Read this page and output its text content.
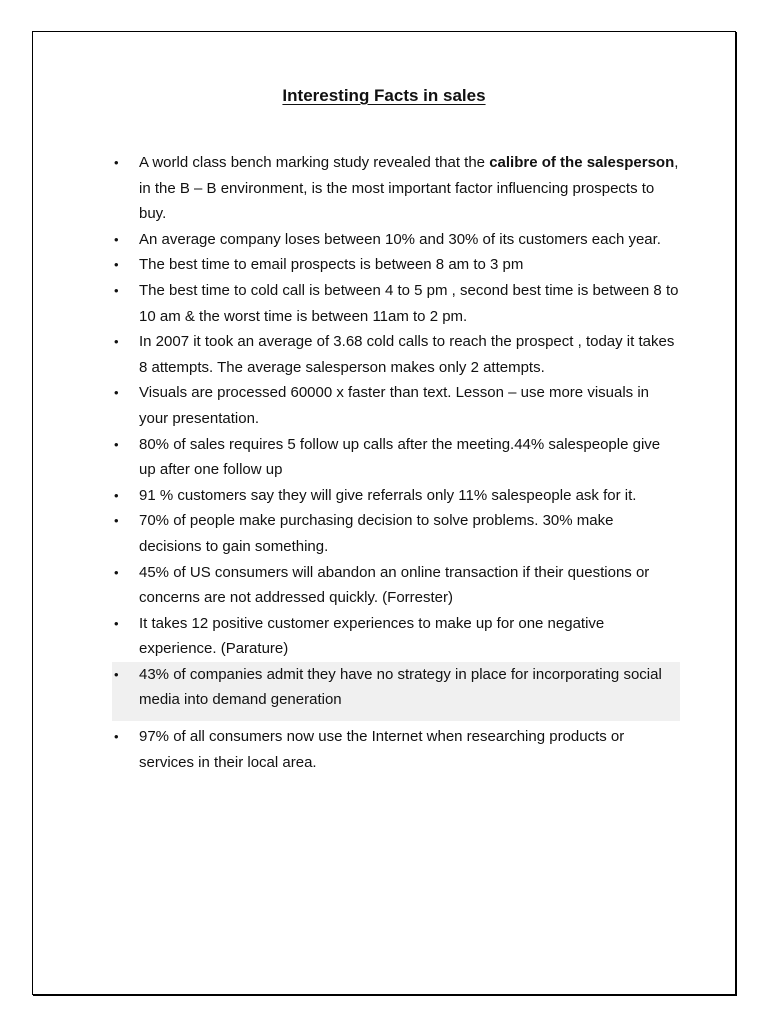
Interesting Facts in sales
• A world class bench marking study revealed that the calibre of the salesperson, in the B – B environment, is the most important factor influencing prospects to buy.
• An average company loses between 10% and 30% of its customers each year.
• The best time to email prospects is between 8 am to 3 pm
• The best time to cold call is between 4 to 5 pm , second best time is between 8 to 10 am & the worst time is between 11am to 2 pm.
• In 2007 it took an average of 3.68 cold calls to reach the prospect , today it takes 8 attempts. The average salesperson makes only 2 attempts.
• Visuals are processed 60000 x faster than text. Lesson – use more visuals in your presentation.
• 80% of sales requires 5 follow up calls after the meeting.44% salespeople give up after one follow up
• 91 % customers say they will give referrals only 11% salespeople ask for it.
• 70% of people make purchasing decision to solve problems. 30% make decisions to gain something.
• 45% of US consumers will abandon an online transaction if their questions or concerns are not addressed quickly. (Forrester)
• It takes 12 positive customer experiences to make up for one negative experience. (Parature)
• 43% of companies admit they have no strategy in place for incorporating social media into demand generation
• 97% of all consumers now use the Internet when researching products or services in their local area.
